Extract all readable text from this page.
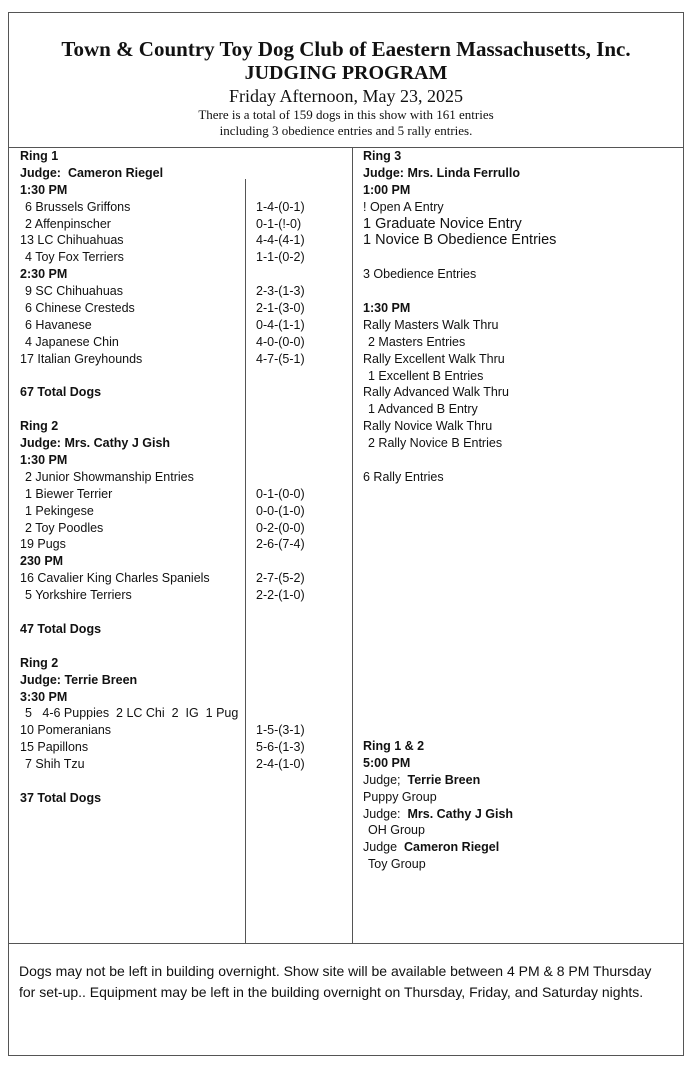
Town & Country Toy Dog Club of Eaestern Massachusetts, Inc.
JUDGING PROGRAM
Friday Afternoon, May 23, 2025
There is a total of 159 dogs in this show with 161 entries
including 3 obedience entries and 5 rally entries.
Ring 1
Judge: Cameron Riegel
1:30 PM
6 Brussels Griffons	1-4-(0-1)
2 Affenpinscher	0-1-(!-0)
13 LC Chihuahuas	4-4-(4-1)
4 Toy Fox Terriers	1-1-(0-2)
2:30 PM
9 SC Chihuahuas	2-3-(1-3)
6 Chinese Cresteds	2-1-(3-0)
6 Havanese	0-4-(1-1)
4 Japanese Chin	4-0-(0-0)
17 Italian Greyhounds	4-7-(5-1)
67 Total Dogs
Ring 2
Judge: Mrs. Cathy J Gish
1:30 PM
2 Junior Showmanship Entries
1 Biewer Terrier	0-1-(0-0)
1 Pekingese	0-0-(1-0)
2 Toy Poodles	0-2-(0-0)
19 Pugs	2-6-(7-4)
230 PM
16 Cavalier King Charles Spaniels	2-7-(5-2)
5 Yorkshire Terriers	2-2-(1-0)
47 Total Dogs
Ring 2
Judge: Terrie Breen
3:30 PM
5   4-6 Puppies  2 LC Chi  2  IG  1 Pug
10 Pomeranians	1-5-(3-1)
15 Papillons	5-6-(1-3)
7 Shih Tzu	2-4-(1-0)
37 Total Dogs
Ring 3
Judge: Mrs. Linda Ferrullo
1:00 PM
! Open A Entry
1 Graduate Novice Entry
1 Novice B Obedience Entries
3 Obedience Entries
1:30 PM
Rally Masters Walk Thru
2 Masters Entries
Rally Excellent Walk Thru
1 Excellent B Entries
Rally Advanced Walk Thru
1 Advanced B Entry
Rally Novice Walk Thru
2 Rally Novice B Entries
6 Rally Entries
Ring 1 & 2
5:00 PM
Judge; Terrie Breen
Puppy Group
Judge: Mrs. Cathy J Gish
OH Group
Judge Cameron Riegel
Toy Group
Dogs may not be left in building overnight. Show site will be available between 4 PM & 8 PM Thursday for set-up.. Equipment may be left in the building overnight on Thursday, Friday, and Saturday nights.
